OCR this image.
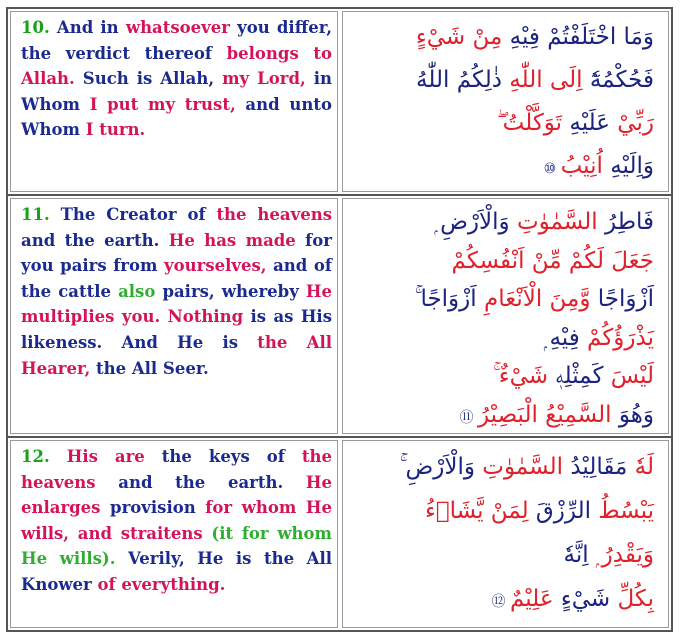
10. And in whatsoever you differ, the verdict thereof belongs to Allah. Such is Allah, my Lord, in Whom I put my trust, and unto Whom I turn.
وَمَا اخْتَلَفْتُمْ فِيْهِ مِنْ شَيْءٍ
فَحُكْمُهٗٓ اِلَى اللّٰهِ ذٰلِكُمُ اللّٰهُ
رَبِّيْ عَلَيْهِ تَوَكَّلْتُ ۖ
وَاِلَيْهِ اُنِيْبُ ⑩
11. The Creator of the heavens and the earth. He has made for you pairs from yourselves, and of the cattle also pairs, whereby He multiplies you. Nothing is as His likeness. And He is the All Hearer, the All Seer.
فَاطِرُ السَّمٰوٰتِ وَالْاَرْضِ ۭ
جَعَلَ لَكُمْ مِّنْ اَنْفُسِكُمْ
اَزْوَاجًا وَّمِنَ الْاَنْعَامِ اَزْوَاجًا ۚ
يَذْرَؤُكُمْ فِيْهِ ۭ
لَيْسَ كَمِثْلِهٖ شَيْءٌ ۚ
وَهُوَ السَّمِيْعُ الْبَصِيْرُ ⑪
12. His are the keys of the heavens and the earth. He enlarges provision for whom He wills, and straitens (it for whom He wills). Verily, He is the All Knower of everything.
لَهٗ مَقَالِيْدُ السَّمٰوٰتِ وَالْاَرْضِ ۚ
يَبْسُطُ الرِّزْقَ لِمَنْ يَّشَاۗءُ
وَيَقْدِرُ ۭ اِنَّهٗ
بِكُلِّ شَيْءٍ عَلِيْمٌ ⑫
